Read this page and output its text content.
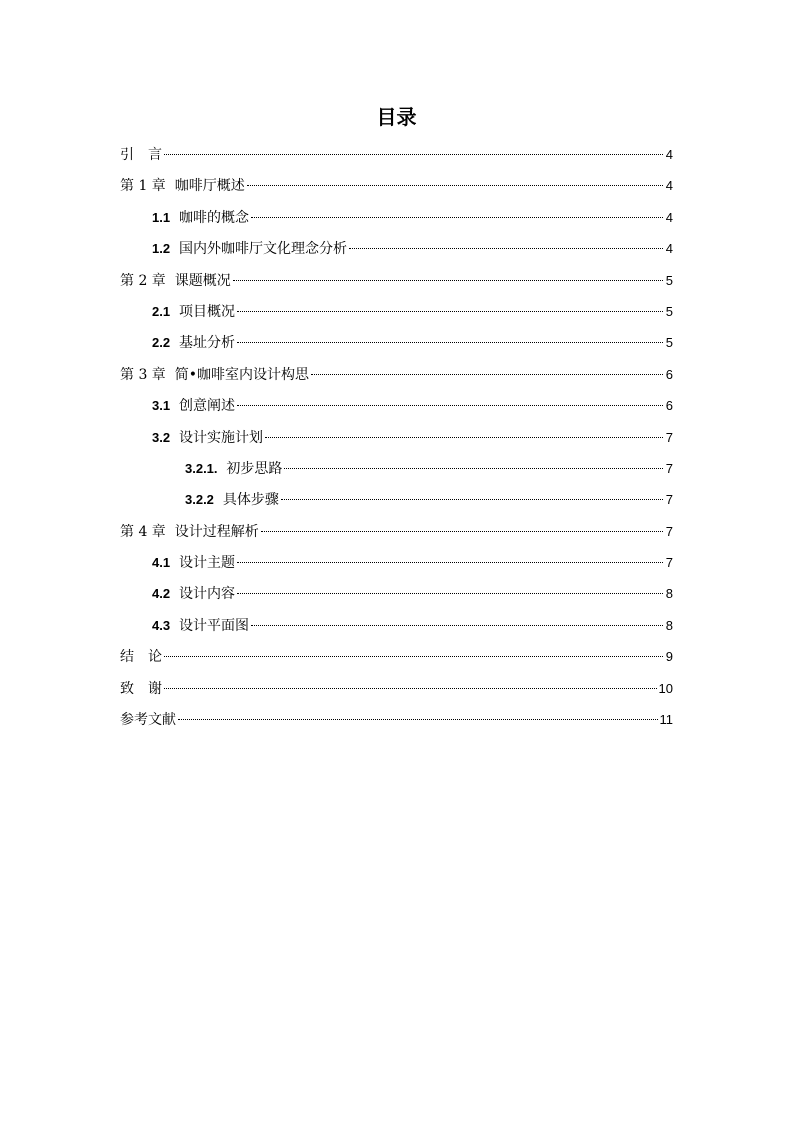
目录
引　言	4
第 1 章  咖啡厅概述	4
1.1 咖啡的概念	4
1.2 国内外咖啡厅文化理念分析	4
第 2 章  课题概况	5
2.1 项目概况	5
2.2 基址分析	5
第 3 章  简•咖啡室内设计构思	6
3.1 创意阐述	6
3.2 设计实施计划	7
3.2.1. 初步思路	7
3.2.2 具体步骤	7
第 4 章  设计过程解析	7
4.1 设计主题	7
4.2 设计内容	8
4.3 设计平面图	8
结　论	9
致　谢	10
参考文献	11
